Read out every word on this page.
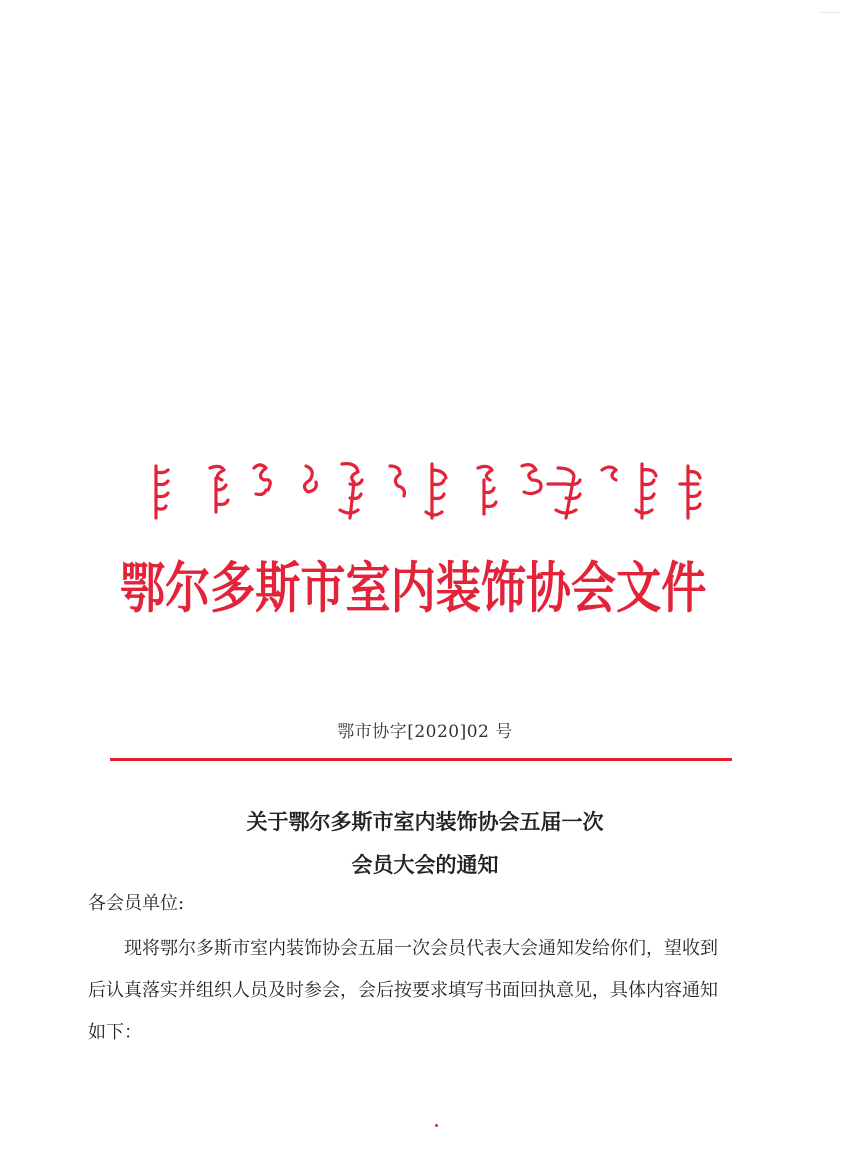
鄂尔多斯市室内装饰协会文件
鄂市协字[2020]02 号
关于鄂尔多斯市室内装饰协会五届一次
会员大会的通知
各会员单位:
现将鄂尔多斯市室内装饰协会五届一次会员代表大会通知发给你们，望收到
后认真落实并组织人员及时参会，会后按要求填写书面回执意见，具体内容通知
如下：
